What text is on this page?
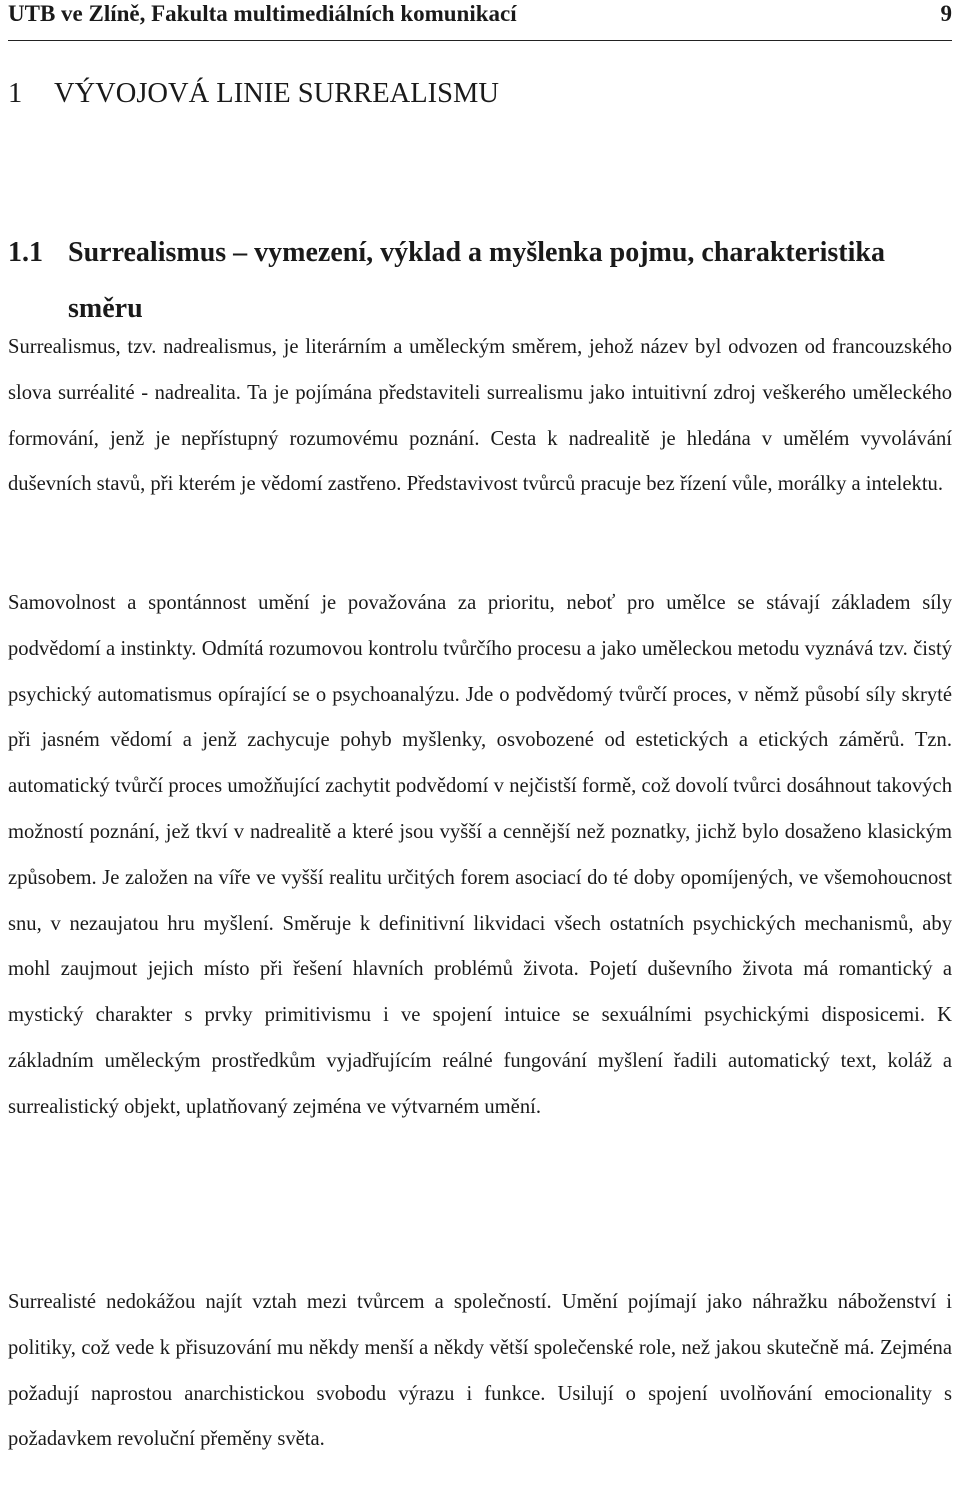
UTB ve Zlíně, Fakulta multimediálních komunikací	9
1 VÝVOJOVÁ LINIE SURREALISMU
1.1 Surrealismus – vymezení, výklad a myšlenka pojmu, charakteristika směru

Surrealismus, tzv. nadrealismus, je literárním a uměleckým směrem, jehož název byl odvozen od francouzského slova surréalité - nadrealita. Ta je pojímána představiteli surrealismu jako intuitivní zdroj veškerého uměleckého formování, jenž je nepřístupný rozumovému poznání. Cesta k nadrealitě je hledána v umělém vyvolávání duševních stavů, při kterém je vědomí zastřeno. Představivost tvůrců pracuje bez řízení vůle, morálky a intelektu.

Samovolnost a spontánnost umění je považována za prioritu, neboť pro umělce se stávají základem síly podvědomí a instinkty. Odmítá rozumovou kontrolu tvůrčího procesu a jako uměleckou metodu vyznává tzv. čistý psychický automatismus opírající se o psychoanalýzu. Jde o podvědomý tvůrčí proces, v němž působí síly skryté při jasném vědomí a jenž zachycuje pohyb myšlenky, osvobozené od estetických a etických záměrů. Tzn. automatický tvůrčí proces umožňující zachytit podvědomí v nejčistší formě, což dovolí tvůrci dosáhnout takových možností poznání, jež tkví v nadrealitě a které jsou vyšší a cennější než poznatky, jichž bylo dosaženo klasickým způsobem. Je založen na víře ve vyšší realitu určitých forem asociací do té doby opomíjených, ve všemohoucnost snu, v nezaujatou hru myšlení. Směruje k definitivní likvidaci všech ostatních psychických mechanismů, aby mohl zaujmout jejich místo při řešení hlavních problémů života. Pojetí duševního života má romantický a mystický charakter s prvky primitivismu i ve spojení intuice se sexuálními psychickými disposicemi. K základním uměleckým prostředkům vyjadřujícím reálné fungování myšlení řadili automatický text, koláž a surrealistický objekt, uplatňovaný zejména ve výtvarném umění.

Surrealisté nedokážou najít vztah mezi tvůrcem a společností. Umění pojímají jako náhražku náboženství i politiky, což vede k přisuzování mu někdy menší a někdy větší společenské role, než jakou skutečně má. Zejména požadují naprostou anarchistickou svobodu výrazu i funkce. Usilují o spojení uvolňování emocionality s požadavkem revoluční přeměny světa.
